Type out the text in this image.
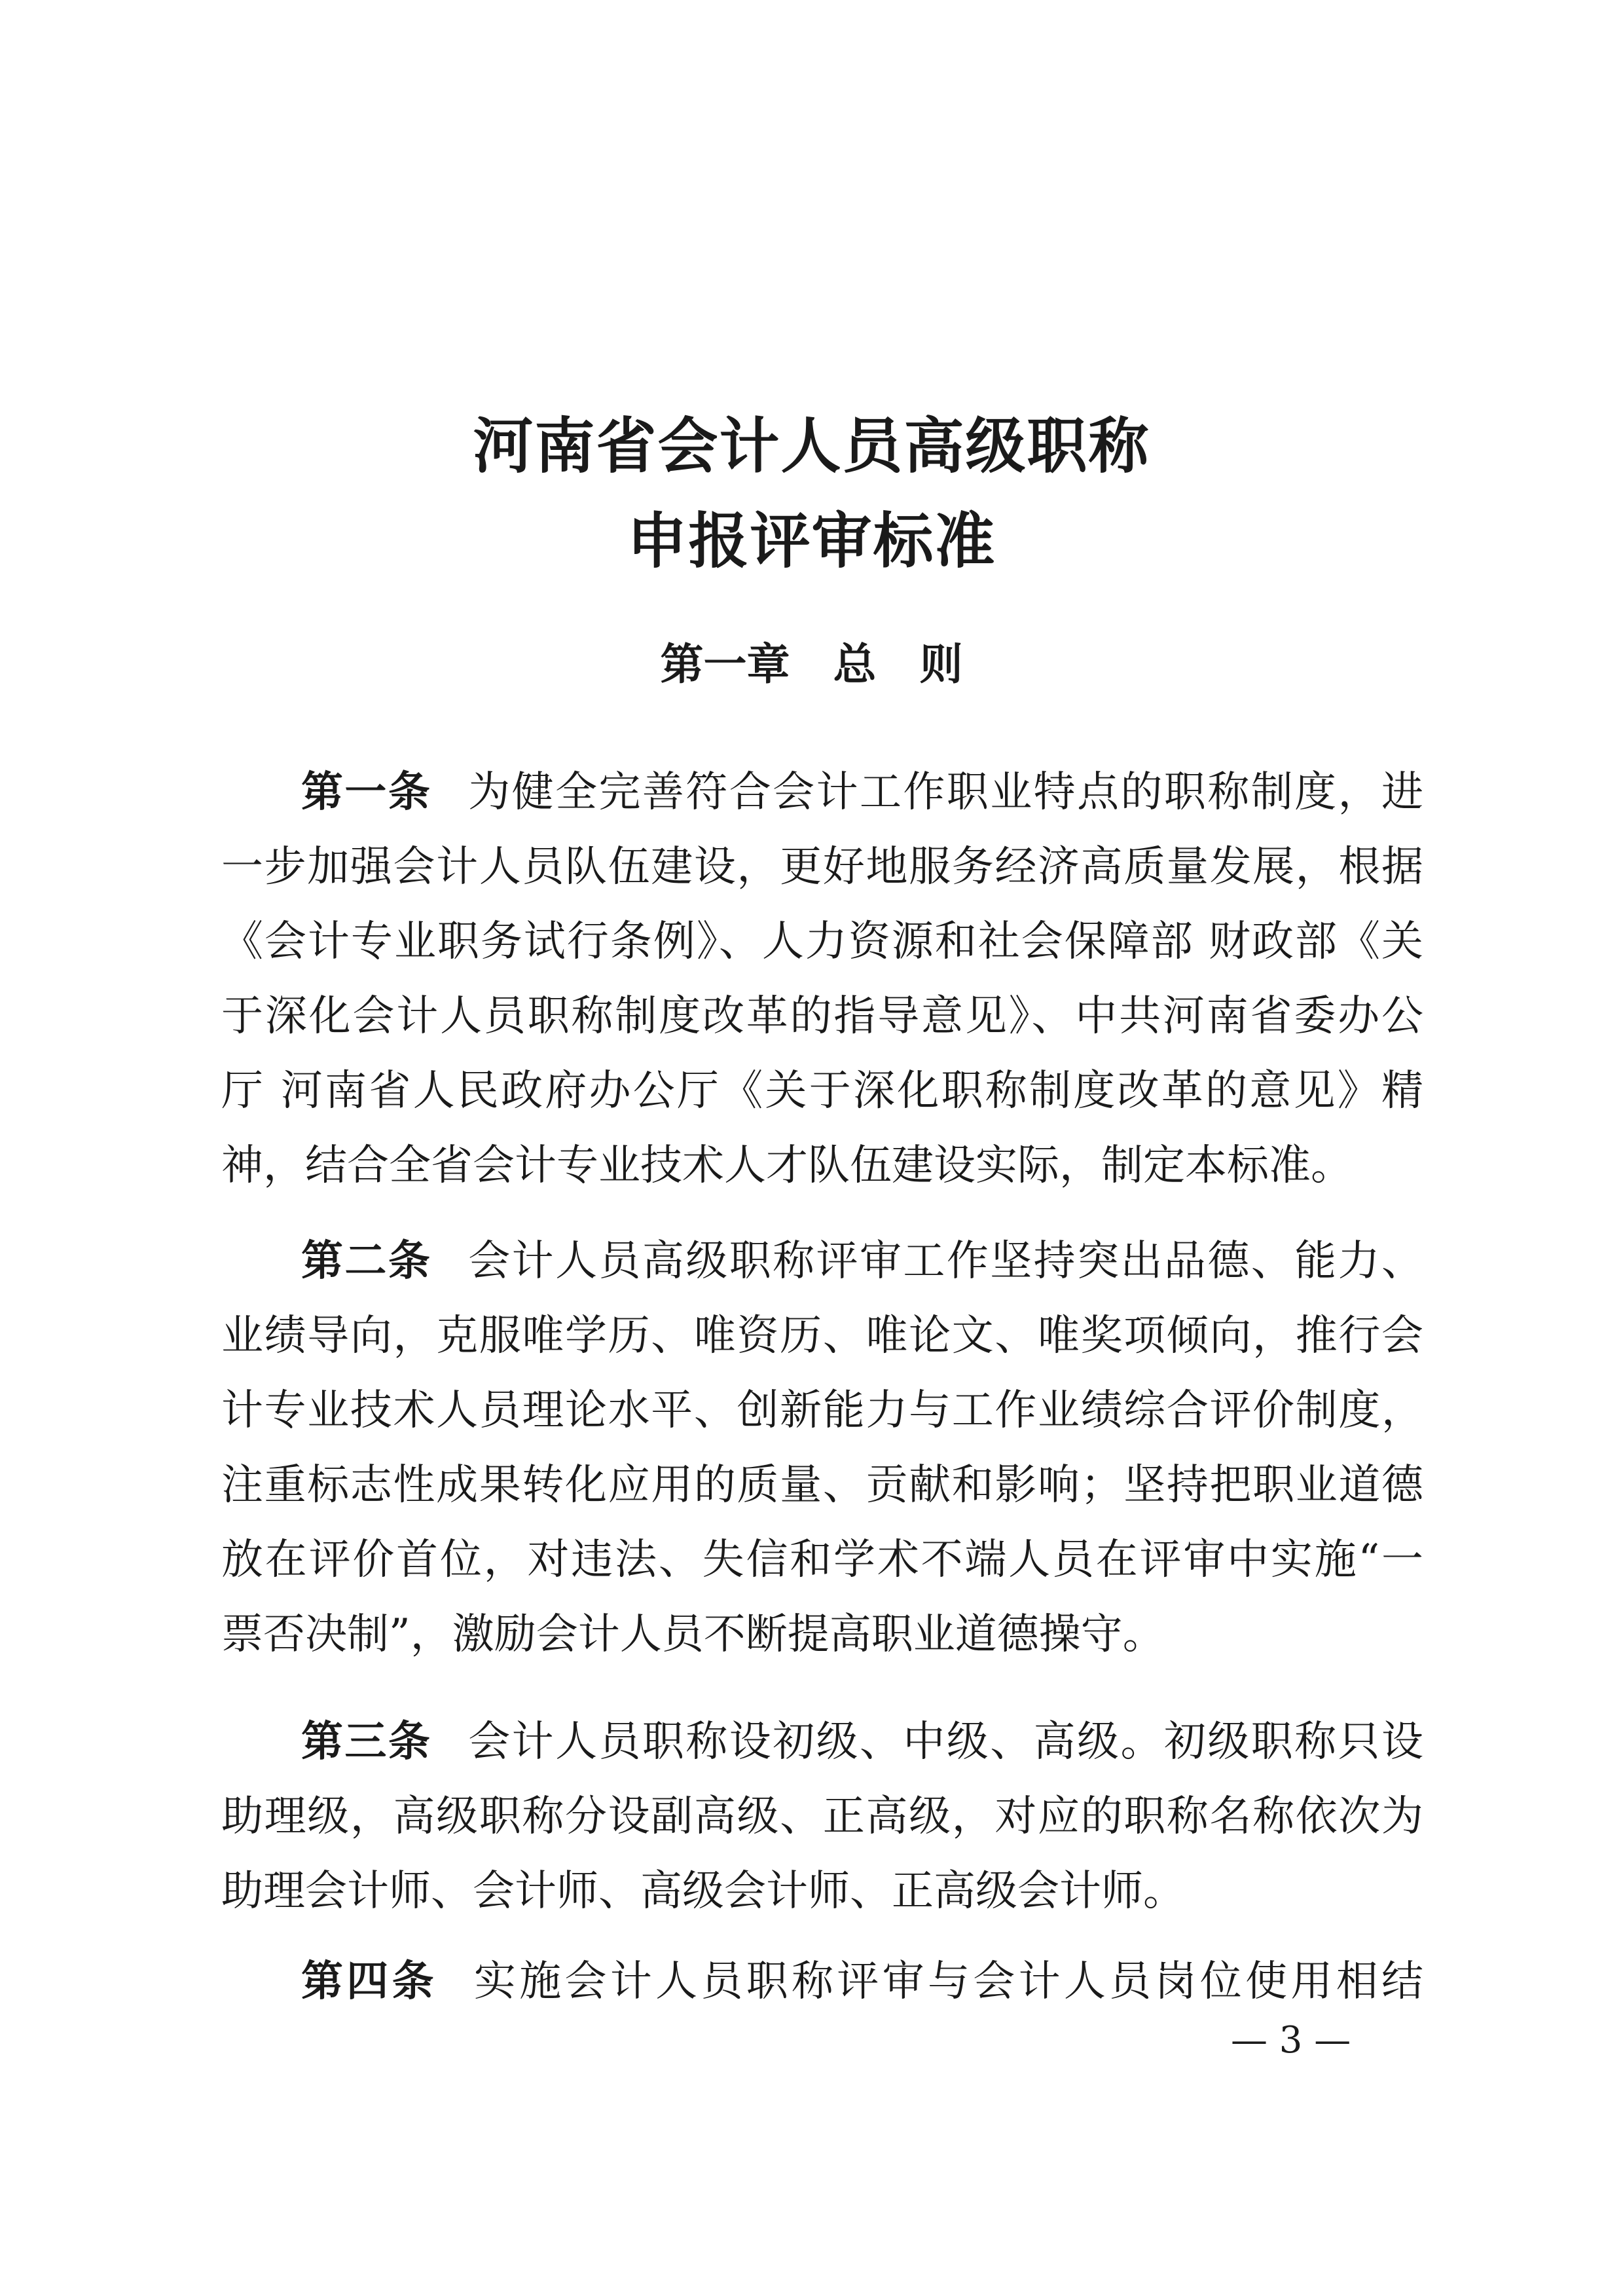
河南省会计人员高级职称
申报评审标准
第一章　总　则
第一条 为健全完善符合会计工作职业特点的职称制度，进
一步加强会计人员队伍建设，更好地服务经济高质量发展，根据
《会计专业职务试行条例》、人力资源和社会保障部 财政部《关
于深化会计人员职称制度改革的指导意见》、中共河南省委办公
厅 河南省人民政府办公厅《关于深化职称制度改革的意见》精
神，结合全省会计专业技术人才队伍建设实际，制定本标准。
第二条 会计人员高级职称评审工作坚持突出品德、能力、
业绩导向，克服唯学历、唯资历、唯论文、唯奖项倾向，推行会
计专业技术人员理论水平、创新能力与工作业绩综合评价制度，
注重标志性成果转化应用的质量、贡献和影响；坚持把职业道德
放在评价首位，对违法、失信和学术不端人员在评审中实施“一
票否决制”，激励会计人员不断提高职业道德操守。
第三条 会计人员职称设初级、中级、高级。初级职称只设
助理级，高级职称分设副高级、正高级，对应的职称名称依次为
助理会计师、会计师、高级会计师、正高级会计师。
第四条 实施会计人员职称评审与会计人员岗位使用相结
— 3 —
